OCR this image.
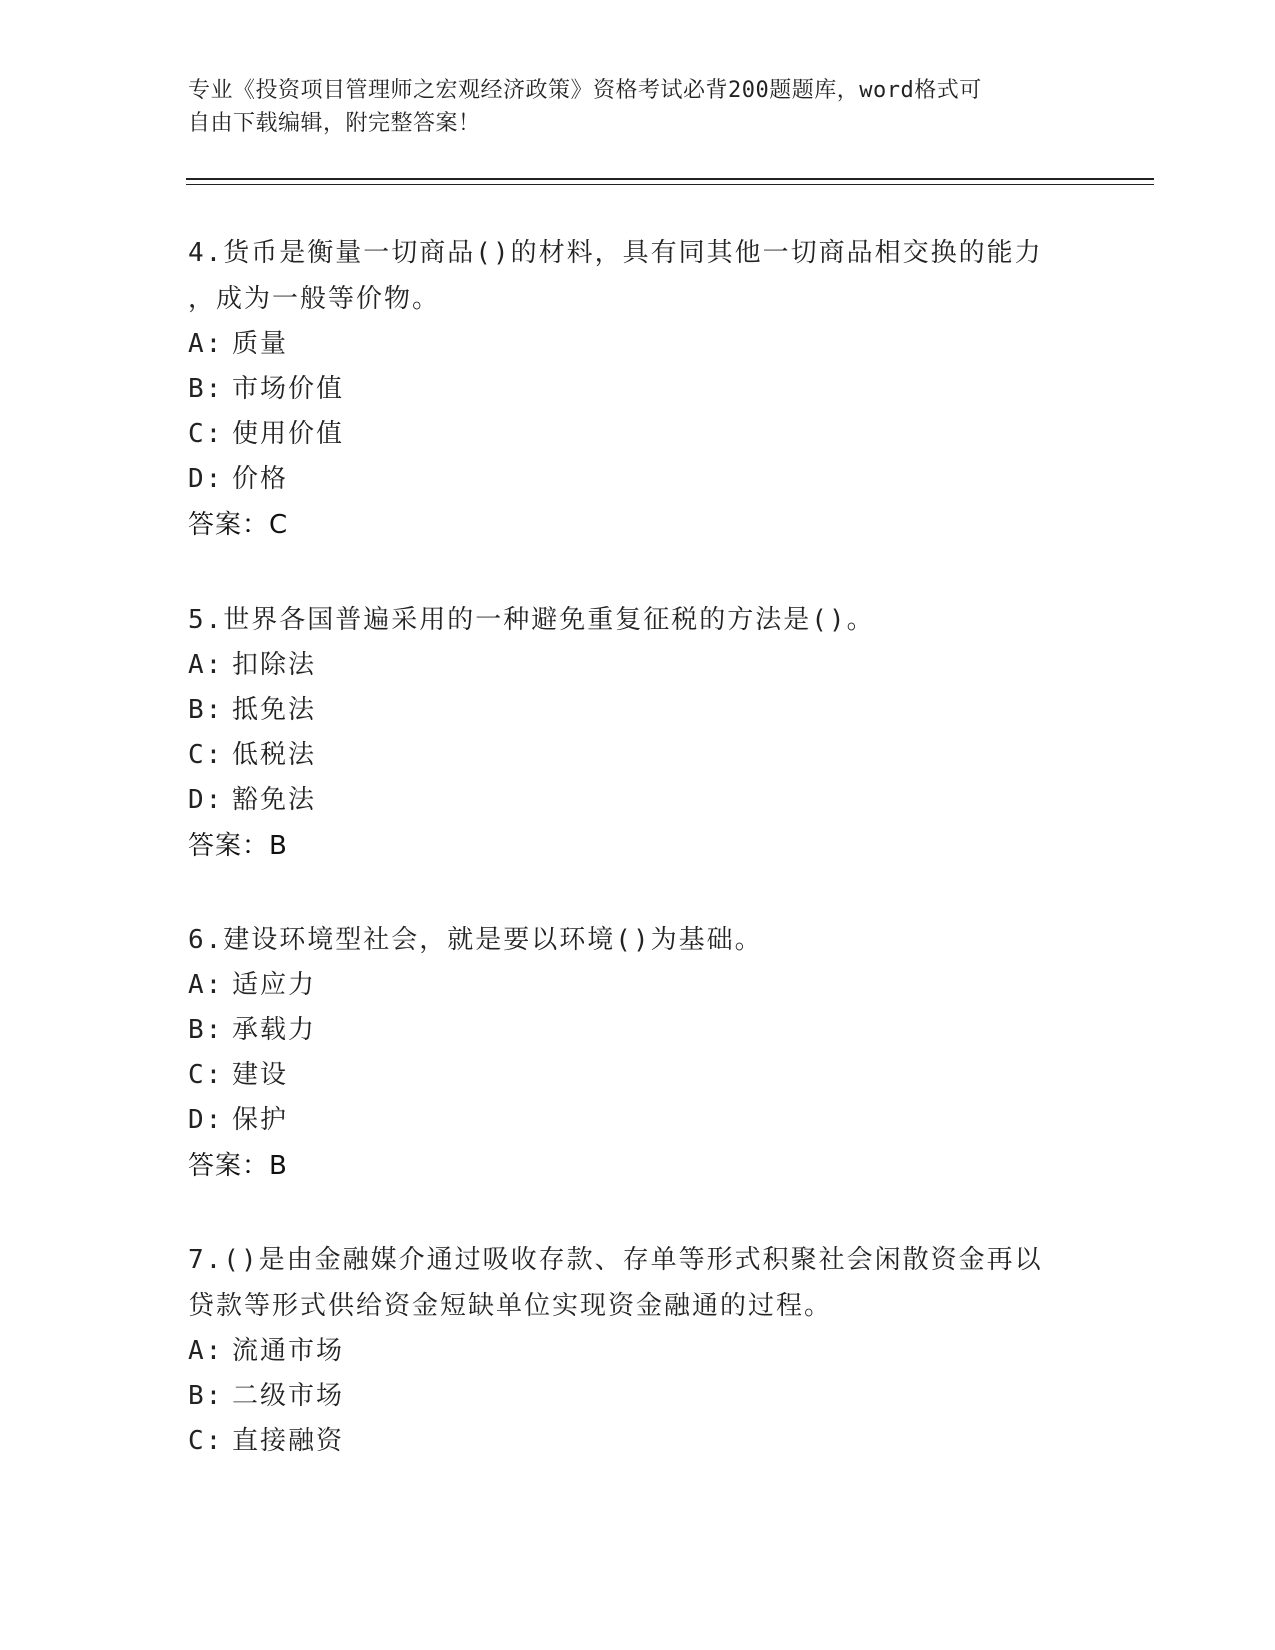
专业《投资项目管理师之宏观经济政策》资格考试必背200题题库，word格式可
自由下载编辑，附完整答案！

4.货币是衡量一切商品()的材料，具有同其他一切商品相交换的能力

，成为一般等价物。

A: 质量

B: 市场价值

C: 使用价值

D: 价格

答案：C

5.世界各国普遍采用的一种避免重复征税的方法是()。

A: 扣除法

B: 抵免法

C: 低税法

D: 豁免法

答案：B

6.建设环境型社会，就是要以环境()为基础。

A: 适应力

B: 承载力

C: 建设

D: 保护

答案：B

7.()是由金融媒介通过吸收存款、存单等形式积聚社会闲散资金再以

贷款等形式供给资金短缺单位实现资金融通的过程。

A: 流通市场

B: 二级市场

C: 直接融资
